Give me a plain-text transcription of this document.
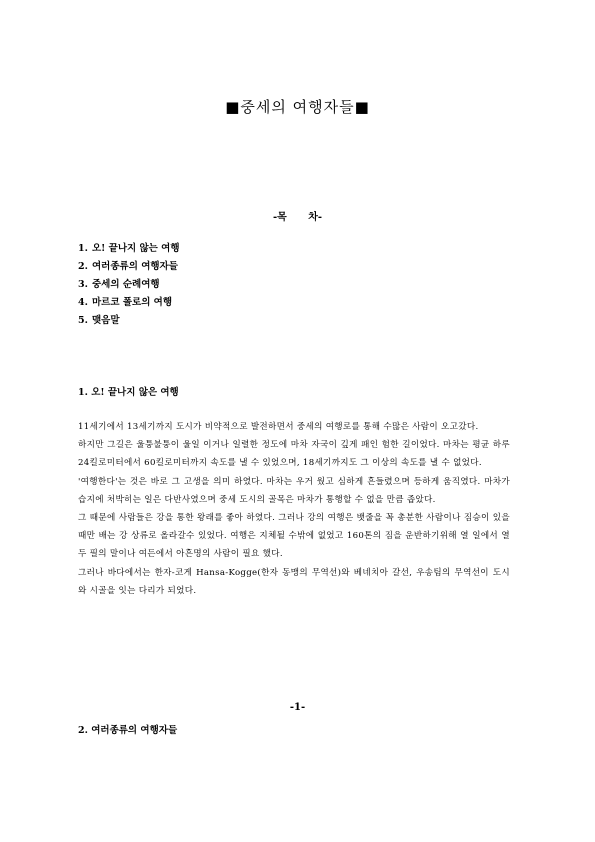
■중세의 여행자들■
-목 차-
1. 오! 끝나지 않는 여행
2. 여러종류의 여행자들
3. 중세의 순례여행
4. 마르코 폴로의 여행
5. 맺음말
1. 오! 끝나지 않은 여행

11세기에서 13세기까지 도시가 비약적으로 발전하면서 중세의 여행로를 통해 수많은 사람이 오고갔다.

하지만 그길은 울퉁불퉁이 울일 이거나 일렬한 정도에 마차 자국이 깊게 패인 험한 길이었다. 마차는 평균 하루 24킬로미터에서 60킬로미터까지 속도를 낼 수 있었으며, 18세기까지도 그 이상의 속도를 낼 수 없었다.

'여행한다'는 것은 바로 그 고생을 의미 하였다. 마차는 우거 웠고 심하게 흔들렸으며 등하게 움직였다. 마차가 습지에 처박히는 일은 다반사였으며 중세 도시의 골목은 마차가 통행할 수 없을 만큼 좁았다.

그 때문에 사람들은 강을 통한 왕래를 좋아 하였다. 그러나 강의 여행은 뱃줄을 꼭 총분한 사람이나 짐승이 있을 때만 배는 강 상류로 올라갈수 있었다. 여행은 지체될 수밖에 없었고 160톤의 짐을 운반하기위해 열 일에서 열두 필의 말이나 여든에서 아흔명의 사람이 필요 했다.

그러나 바다에서는 한자-코게 Hansa-Kogge(한자 동맹의 무역선)와 베네치아 갈선, 우송팀의 무역선이 도시와 시골을 잇는 다리가 되었다.

-1-
2. 여러종류의 여행자들
